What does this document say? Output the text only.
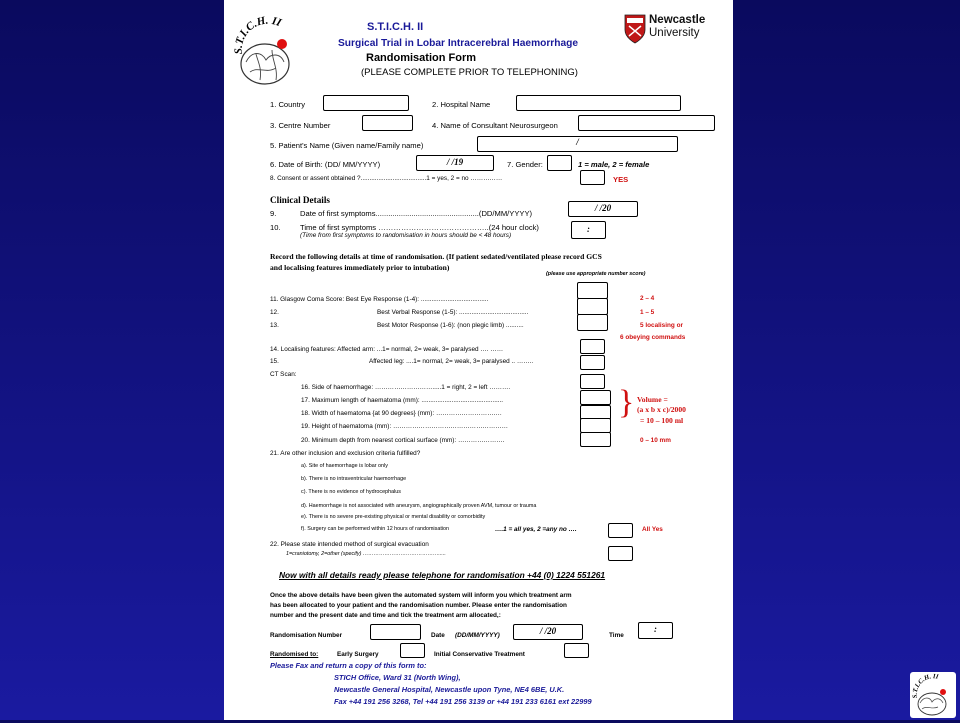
S.T.I.C.H. II	S.T.I.C.H. II
Surgical Trial in Lobar Intracerebral Haemorrhage
Randomisation Form
(PLEASE COMPLETE PRIOR TO TELEPHONING)
Newcastle
University
1. Country	2. Hospital Name
3. Centre Number	4. Name of Consultant Neurosurgeon
5. Patient's Name (Given name/Family name)	/
6. Date of Birth: (DD/ MM/YYYY)	/ /19	7. Gender:	1 = male, 2 = female
8. Consent or assent obtained ?.....................................1 = yes, 2 = no ……………	YES
Clinical Details
9.	Date of first symptoms.................................................(DD/MM/YYYY)
/ /20
10.	Time of first symptoms ……………………………………..(24 hour clock)
(Time from first symptoms to randomisation in hours should be < 48 hours)
:
Record the following details at time of randomisation. (If patient sedated/ventilated please record GCS
and localising features immediately prior to intubation)
(please use appropriate number score)
11. Glasgow Coma Score: Best Eye Response (1-4): ......................................	2 – 4
12.	Best Verbal Response (1-5): .......................................	1 – 5
13.	Best Motor Response (1-6): (non plegic limb) ..........	5 localising or
6 obeying commands
14. Localising features: Affected arm: ...1= normal, 2= weak, 3= paralysed …. ……
15.	Affected leg: ....1= normal, 2= weak, 3= paralysed .. ……..
CT Scan:
16. Side of haemorrhage: ……………………….....1 = right, 2 = left ……….
17. Maximum length of haematoma (mm): ..............................................
18. Width of haematoma {at 90 degrees} (mm): ………………………….
19. Height of haematoma (mm): ………………………………………………
20. Minimum depth from nearest cortical surface (mm): ………………….
} Volume =
(a x b x c)/2000
= 10 – 100 ml
0 – 10 mm
21. Are other inclusion and exclusion criteria fulfilled?
a). Site of haemorrhage is lobar only
b). There is no intraventricular haemorrhage
c). There is no evidence of hydrocephalus
d). Haemorrhage is not associated with aneurysm, angiographically proven AVM, tumour or trauma
e). There is no severe pre-existing physical or mental disability or comorbidity
f). Surgery can be performed within 12 hours of randomisation	….1 = all yes, 2 =any no ….	All Yes
22. Please state intended method of surgical evacuation
1=craniotomy, 2=other (specify) …………………………………….....
Now with all details ready please telephone for randomisation +44 (0) 1224 551261
Once the above details have been given the automated system will inform you which treatment arm
has been allocated to your patient and the randomisation number. Please enter the randomisation
number and the present date and time and tick the treatment arm allocated,:
Randomisation Number	Date (DD/MM/YYYY)	/ /20	Time
:
Randomised to:	Early Surgery	Initial Conservative Treatment
Please Fax and return a copy of this form to:
STICH Office, Ward 31 (North Wing),
Newcastle General Hospital, Newcastle upon Tyne, NE4 6BE, U.K.
Fax +44 191 256 3268, Tel +44 191 256 3139 or +44 191 233 6161 ext 22999
S.T.I.C.H. II
